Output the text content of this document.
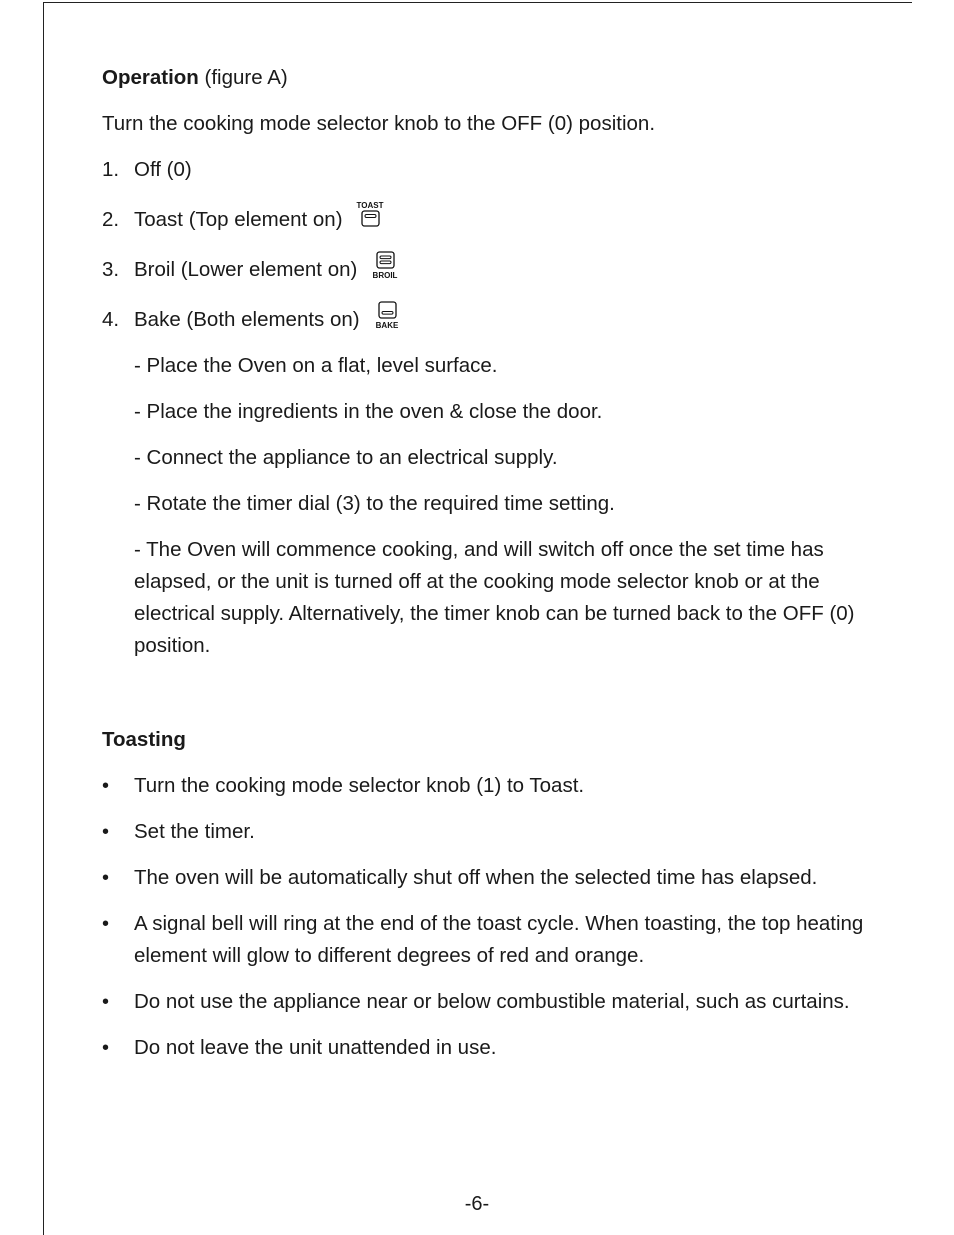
Operation (figure A)

Turn the cooking mode selector knob to the OFF (0) position.

1. Off (0)
2. Toast (Top element on)
TOAST
3. Broil (Lower element on) BROIL
4. Bake (Both elements on) BAKE

- Place the Oven on a flat, level surface.

- Place the ingredients in the oven & close the door.

- Connect the appliance to an electrical supply.

- Rotate the timer dial (3) to the required time setting.

- The Oven will commence cooking, and will switch off once the set time has elapsed, or the unit is turned off at the cooking mode selector knob or at the electrical supply. Alternatively, the timer knob can be turned back to the OFF (0) position.

Toasting
•	Turn the cooking mode selector knob (1) to Toast.
•	Set the timer.
•	The oven will be automatically shut off when the selected time has elapsed.
•	A signal bell will ring at the end of the toast cycle. When toasting, the top heating element will glow to different degrees of red and orange.
•	Do not use the appliance near or below combustible material, such as curtains.
•	Do not leave the unit unattended in use.
-6-
